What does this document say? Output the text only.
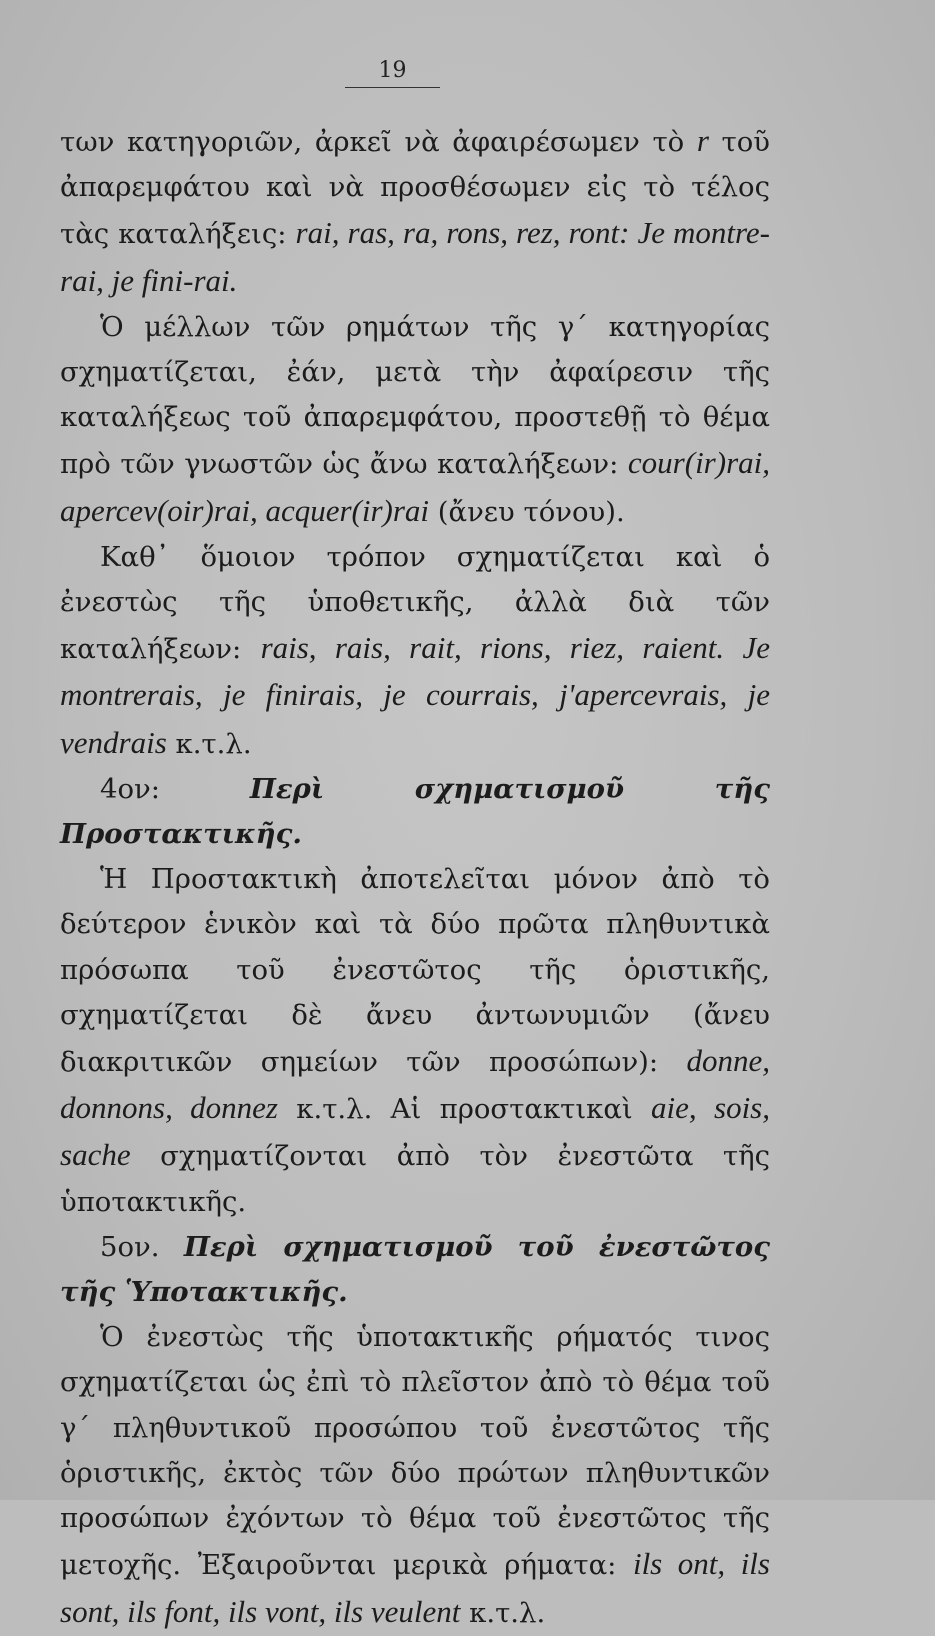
19

των κατηγοριῶν, ἀρκεῖ νὰ ἀφαιρέσωμεν τὸ r τοῦ ἀπαρεμφάτου καὶ νὰ προσθέσωμεν εἰς τὸ τέλος τὰς καταλήξεις: rai, ras, ra, rons, rez, ront: Je montre-rai, je fini-rai.

Ὁ μέλλων τῶν ρημάτων τῆς γ΄ κατηγορίας σχηματίζεται, ἐάν, μετὰ τὴν ἀφαίρεσιν τῆς καταλήξεως τοῦ ἀπαρεμφάτου, προστεθῇ τὸ θέμα πρὸ τῶν γνωστῶν ὡς ἄνω καταλήξεων: cour(ir)rai, apercev(oir)rai, acquer(ir)rai (ἄνευ τόνου).

Καθ᾽ ὅμοιον τρόπον σχηματίζεται καὶ ὁ ἐνεστὼς τῆς ὑποθετικῆς, ἀλλὰ διὰ τῶν καταλήξεων: rais, rais, rait, rions, riez, raient. Je montrerais, je finirais, je courrais, j'apercevrais, je vendrais κ.τ.λ.

4ον: Περὶ σχηματισμοῦ τῆς Προστακτικῆς.

Ἡ Προστακτικὴ ἀποτελεῖται μόνον ἀπὸ τὸ δεύτερον ἑνικὸν καὶ τὰ δύο πρῶτα πληθυντικὰ πρόσωπα τοῦ ἐνεστῶτος τῆς ὁριστικῆς, σχηματίζεται δὲ ἄνευ ἀντωνυμιῶν (ἄνευ διακριτικῶν σημείων τῶν προσώπων): donne, donnons, donnez κ.τ.λ. Αἱ προστακτικαὶ aie, sois, sache σχηματίζονται ἀπὸ τὸν ἐνεστῶτα τῆς ὑποτακτικῆς.

5ον. Περὶ σχηματισμοῦ τοῦ ἐνεστῶτος τῆς Ὑποτακτικῆς.

Ὁ ἐνεστὼς τῆς ὑποτακτικῆς ρήματός τινος σχηματίζεται ὡς ἐπὶ τὸ πλεῖστον ἀπὸ τὸ θέμα τοῦ γ΄ πληθυντικοῦ προσώπου τοῦ ἐνεστῶτος τῆς ὁριστικῆς, ἐκτὸς τῶν δύο πρώτων πληθυντικῶν προσώπων ἐχόντων τὸ θέμα τοῦ ἐνεστῶτος τῆς μετοχῆς. Ἐξαιροῦνται μερικὰ ρήματα: ils ont, ils sont, ils font, ils vont, ils veulent κ.τ.λ.
